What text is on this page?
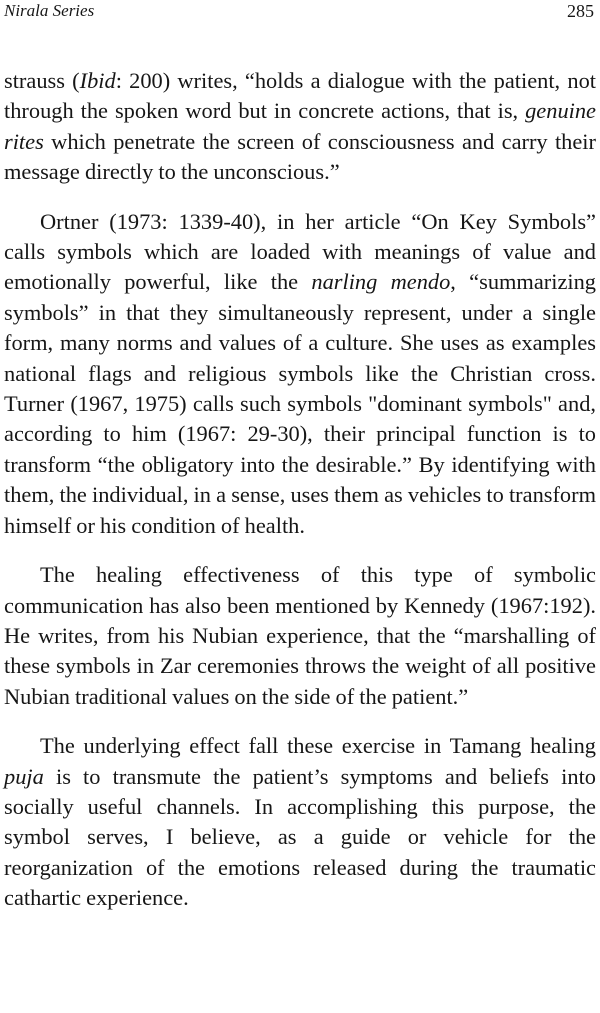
Nirala Series	285

strauss (Ibid: 200) writes, “holds a dialogue with the patient, not through the spoken word but in concrete actions, that is, genuine rites which penetrate the screen of consciousness and carry their message directly to the unconscious.”

Ortner (1973: 1339-40), in her article “On Key Symbols” calls symbols which are loaded with meanings of value and emotionally powerful, like the narling mendo, “summarizing symbols” in that they simultaneously represent, under a single form, many norms and values of a culture. She uses as examples national flags and religious symbols like the Christian cross. Turner (1967, 1975) calls such symbols "dominant symbols" and, according to him (1967: 29-30), their principal function is to transform “the obligatory into the desirable.” By identifying with them, the individual, in a sense, uses them as vehicles to transform himself or his condition of health.

The healing effectiveness of this type of symbolic communication has also been mentioned by Kennedy (1967:192). He writes, from his Nubian experience, that the “marshalling of these symbols in Zar ceremonies throws the weight of all positive Nubian traditional values on the side of the patient.”

The underlying effect fall these exercise in Tamang healing puja is to transmute the patient’s symptoms and beliefs into socially useful channels. In accomplishing this purpose, the symbol serves, I believe, as a guide or vehicle for the reorganization of the emotions released during the traumatic cathartic experience.
